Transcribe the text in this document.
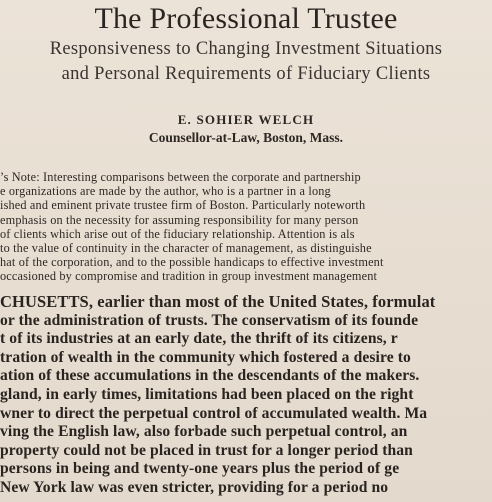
The Professional Trustee
Responsiveness to Changing Investment Situations
and Personal Requirements of Fiduciary Clients
E. SOHIER WELCH
Counsellor-at-Law, Boston, Mass.
’s Note: Interesting comparisons between the corporate and partnership
e organizations are made by the author, who is a partner in a long
ished and eminent private trustee firm of Boston. Particularly noteworth
emphasis on the necessity for assuming responsibility for many person
of clients which arise out of the fiduciary relationship. Attention is als
to the value of continuity in the character of management, as distinguishe
hat of the corporation, and to the possible handicaps to effective investment
occasioned by compromise and tradition in group investment management
CHUSETTS, earlier than most of the United States, formulat
or the administration of trusts. The conservatism of its founde
t of its industries at an early date, the thrift of its citizens, r
tration of wealth in the community which fostered a desire to
ation of these accumulations in the descendants of the makers.
gland, in early times, limitations had been placed on the right
wner to direct the perpetual control of accumulated wealth. Ma
ving the English law, also forbade such perpetual control, an
property could not be placed in trust for a longer period than
persons in being and twenty-one years plus the period of ge
New York law was even stricter, providing for a period no
